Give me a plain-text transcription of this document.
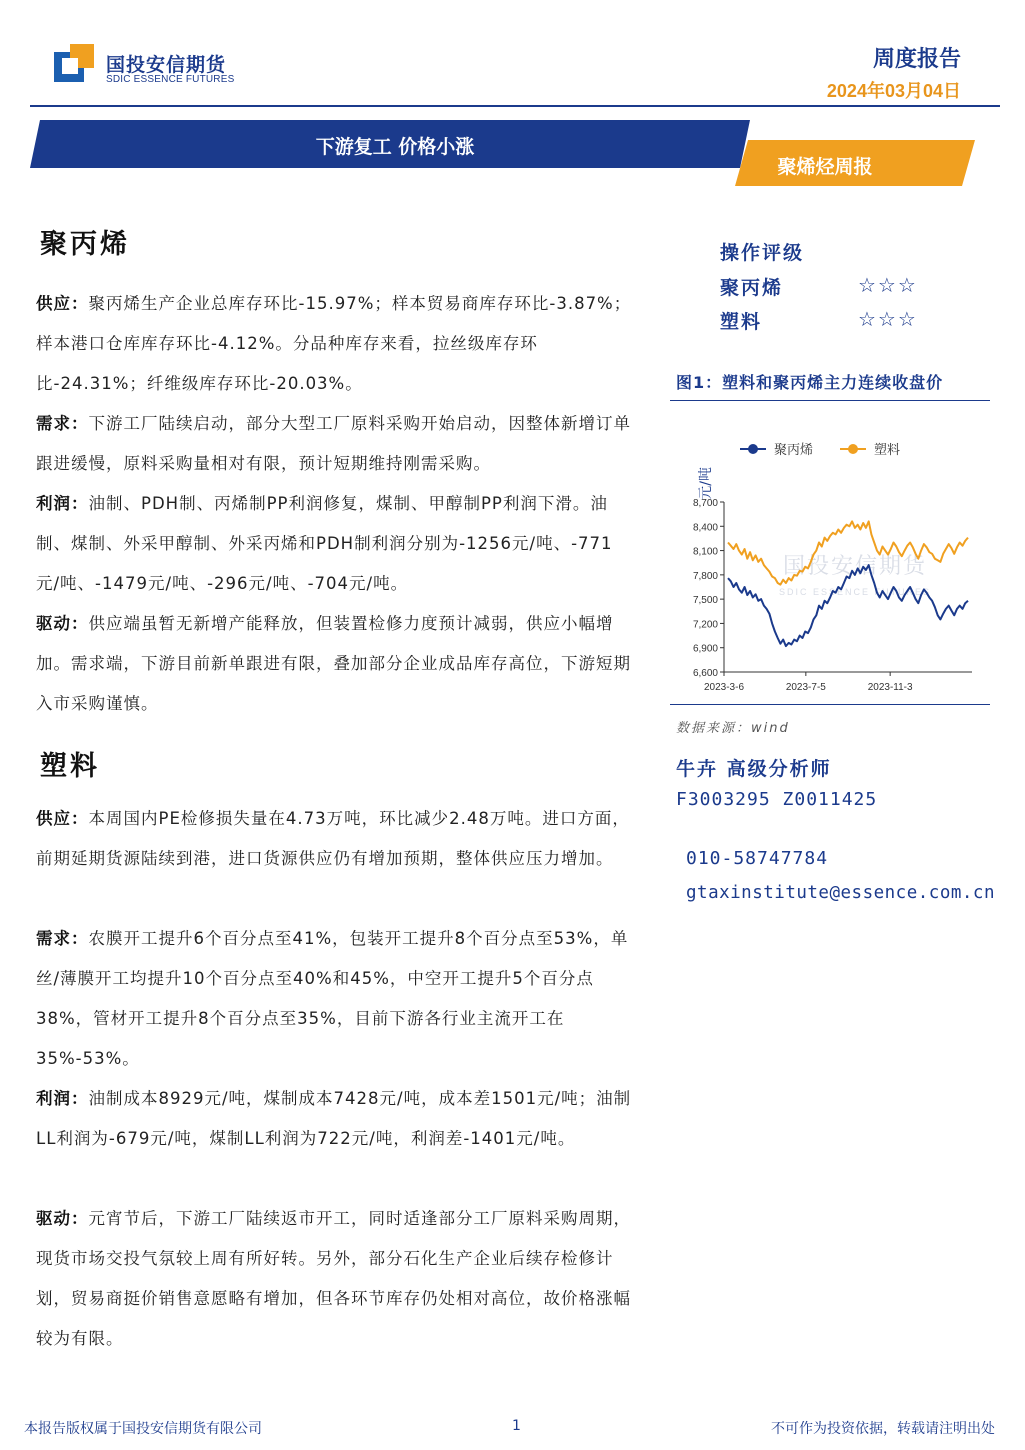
国投安信期货
SDIC ESSENCE FUTURES
周度报告
2024年03月04日
下游复工 价格小涨
聚烯烃周报
聚丙烯
供应：聚丙烯生产企业总库存环比-15.97%；样本贸易商库存环比-3.87%；样本港口仓库库存环比-4.12%。分品种库存来看，拉丝级库存环比-24.31%；纤维级库存环比-20.03%。
需求：下游工厂陆续启动，部分大型工厂原料采购开始启动，因整体新增订单跟进缓慢，原料采购量相对有限，预计短期维持刚需采购。
利润：油制、PDH制、丙烯制PP利润修复，煤制、甲醇制PP利润下滑。油制、煤制、外采甲醇制、外采丙烯和PDH制利润分别为-1256元/吨、-771元/吨、-1479元/吨、-296元/吨、-704元/吨。
驱动：供应端虽暂无新增产能释放，但装置检修力度预计减弱，供应小幅增加。需求端，下游目前新单跟进有限，叠加部分企业成品库存高位，下游短期入市采购谨慎。
塑料
供应：本周国内PE检修损失量在4.73万吨，环比减少2.48万吨。进口方面，前期延期货源陆续到港，进口货源供应仍有增加预期，整体供应压力增加。
需求：农膜开工提升6个百分点至41%，包装开工提升8个百分点至53%，单丝/薄膜开工均提升10个百分点至40%和45%，中空开工提升5个百分点38%，管材开工提升8个百分点至35%，目前下游各行业主流开工在35%-53%。
利润：油制成本8929元/吨，煤制成本7428元/吨，成本差1501元/吨；油制LL利润为-679元/吨，煤制LL利润为722元/吨，利润差-1401元/吨。
驱动：元宵节后，下游工厂陆续返市开工，同时适逢部分工厂原料采购周期，现货市场交投气氛较上周有所好转。另外，部分石化生产企业后续存检修计划，贸易商挺价销售意愿略有增加，但各环节库存仍处相对高位，故价格涨幅较为有限。
操作评级
聚丙烯	☆☆☆
塑料	☆☆☆
图1：塑料和聚丙烯主力连续收盘价
国投安信期货
SDIC ESSENCE FUTURES
聚丙烯	塑料
元/吨
8,700
8,400
8,100
7,800
7,500
7,200
6,900
6,600
2023-3-6	2023-7-5	2023-11-3
数据来源：wind
牛卉 高级分析师
F3003295 Z0011425
010-58747784
gtaxinstitute@essence.com.cn
本报告版权属于国投安信期货有限公司	1	不可作为投资依据，转载请注明出处
